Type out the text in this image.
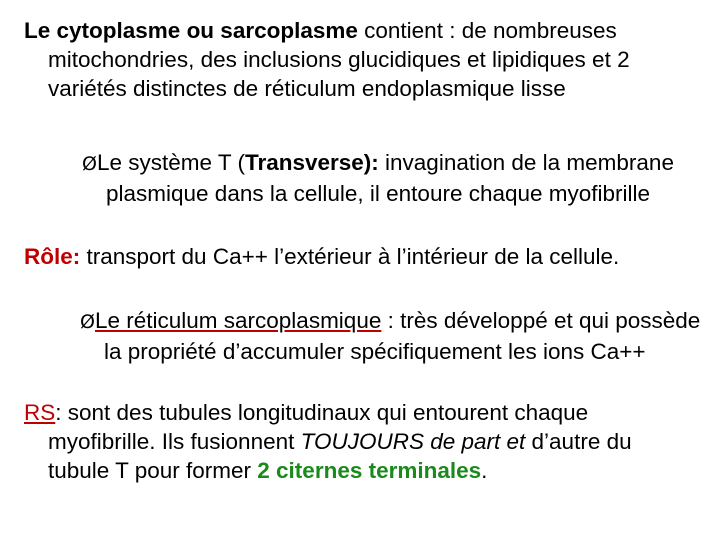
Le cytoplasme ou sarcoplasme contient : de nombreuses mitochondries, des inclusions glucidiques et lipidiques et 2 variétés distinctes de réticulum endoplasmique lisse

ØLe système T (Transverse): invagination de la membrane plasmique dans la cellule, il entoure chaque myofibrille

Rôle: transport du Ca++ l’extérieur à l’intérieur de la cellule.

ØLe réticulum sarcoplasmique : très développé et qui possède la propriété d’accumuler spécifiquement les ions Ca++

RS: sont des tubules longitudinaux qui entourent chaque myofibrille. Ils fusionnent TOUJOURS de part et d’autre du tubule T pour former 2 citernes terminales.
